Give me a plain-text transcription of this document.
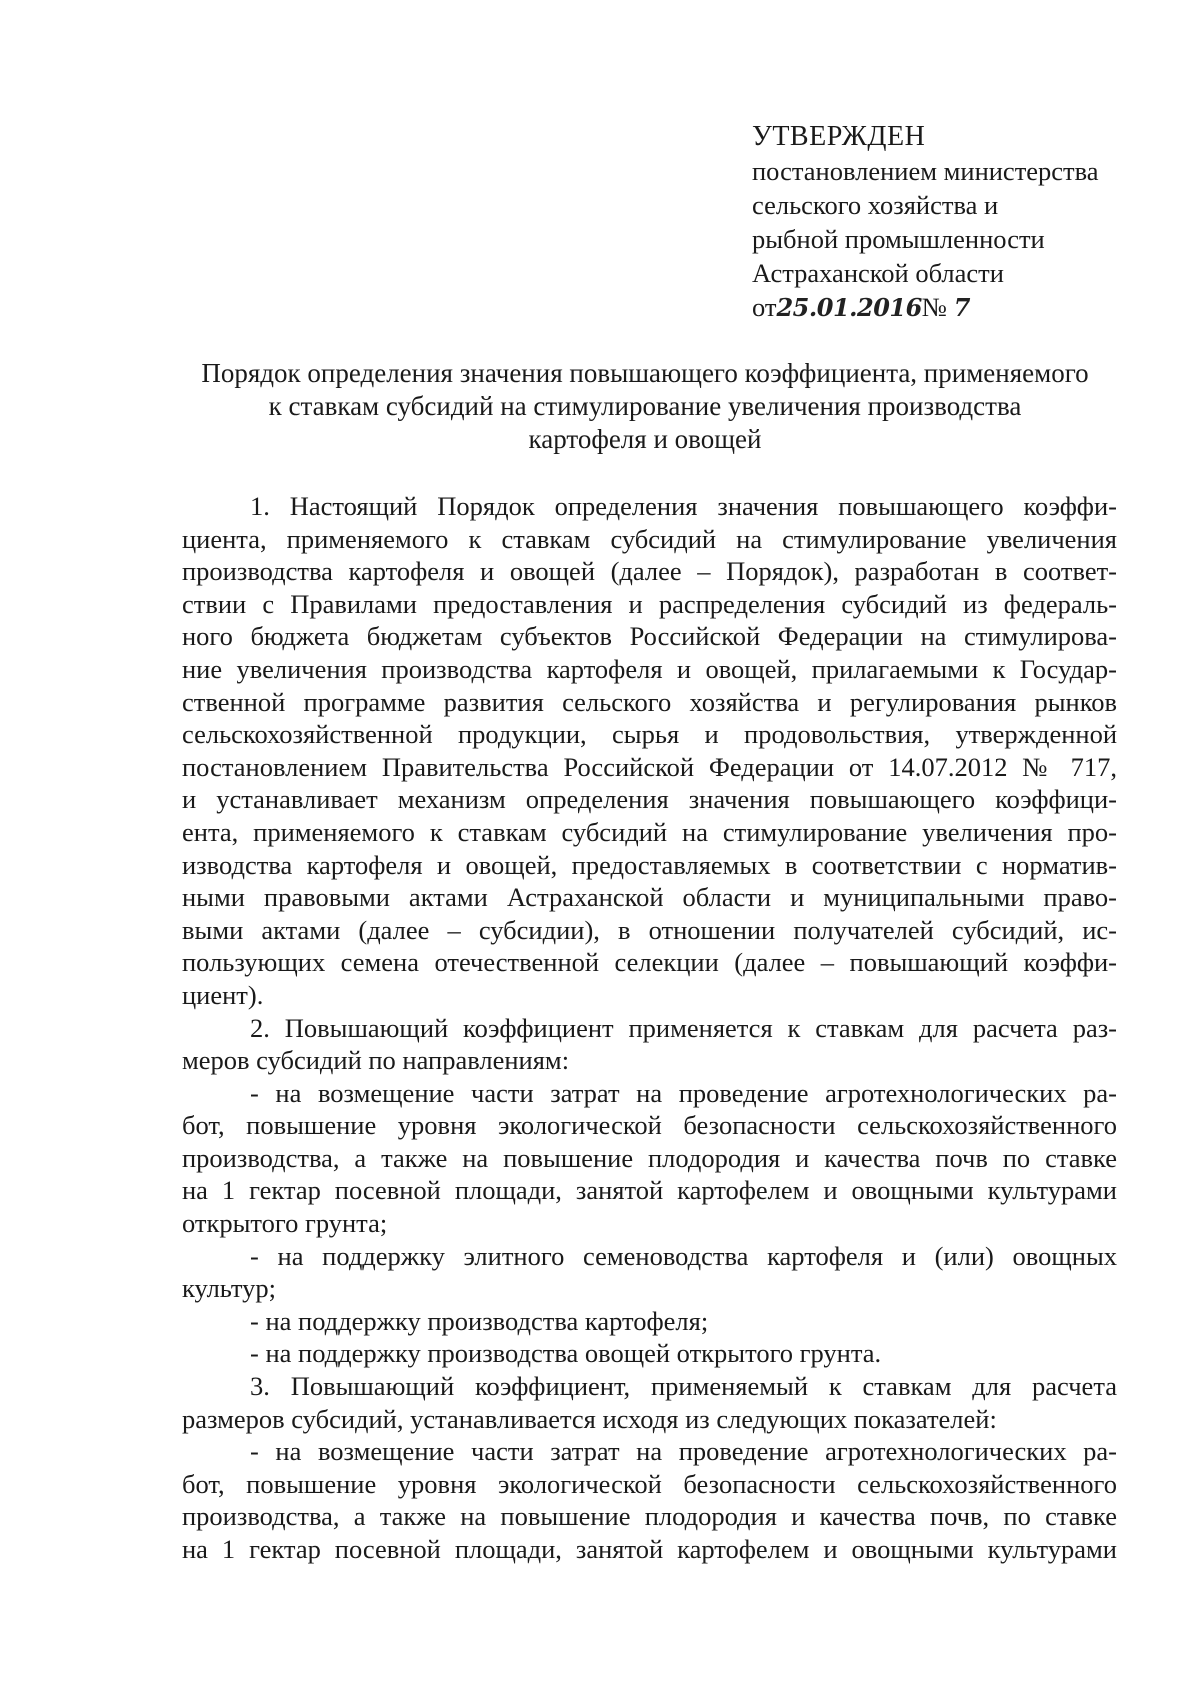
УТВЕРЖДЕН
постановлением министерства
сельского хозяйства и
рыбной промышленности
Астраханской области
от25.01.2016№ 7
Порядок определения значения повышающего коэффициента, применяемого
к ставкам субсидий на стимулирование увеличения производства
картофеля и овощей
1. Настоящий Порядок определения значения повышающего коэффи-
циента, применяемого к ставкам субсидий на стимулирование увеличения
производства картофеля и овощей (далее – Порядок), разработан в соответ-
ствии с Правилами предоставления и распределения субсидий из федераль-
ного бюджета бюджетам субъектов Российской Федерации на стимулирова-
ние увеличения производства картофеля и овощей, прилагаемыми к Государ-
ственной программе развития сельского хозяйства и регулирования рынков
сельскохозяйственной продукции, сырья и продовольствия, утвержденной
постановлением Правительства Российской Федерации от 14.07.2012 № 717,
и устанавливает механизм определения значения повышающего коэффици-
ента, применяемого к ставкам субсидий на стимулирование увеличения про-
изводства картофеля и овощей, предоставляемых в соответствии с норматив-
ными правовыми актами Астраханской области и муниципальными право-
выми актами (далее – субсидии), в отношении получателей субсидий, ис-
пользующих семена отечественной селекции (далее – повышающий коэффи-
циент).
2. Повышающий коэффициент применяется к ставкам для расчета раз-
меров субсидий по направлениям:
- на возмещение части затрат на проведение агротехнологических ра-
бот, повышение уровня экологической безопасности сельскохозяйственного
производства, а также на повышение плодородия и качества почв по ставке
на 1 гектар посевной площади, занятой картофелем и овощными культурами
открытого грунта;
- на поддержку элитного семеноводства картофеля и (или) овощных
культур;
- на поддержку производства картофеля;
- на поддержку производства овощей открытого грунта.
3. Повышающий коэффициент, применяемый к ставкам для расчета
размеров субсидий, устанавливается исходя из следующих показателей:
- на возмещение части затрат на проведение агротехнологических ра-
бот, повышение уровня экологической безопасности сельскохозяйственного
производства, а также на повышение плодородия и качества почв, по ставке
на 1 гектар посевной площади, занятой картофелем и овощными культурами
